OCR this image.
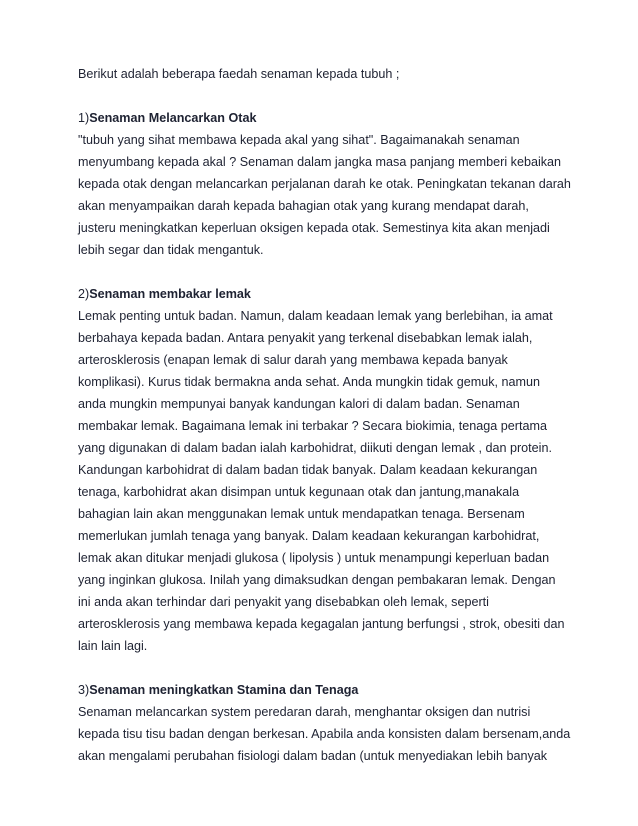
Berikut adalah beberapa faedah senaman kepada tubuh ;

1)Senaman Melancarkan Otak
"tubuh yang sihat membawa kepada akal yang sihat". Bagaimanakah senaman
menyumbang kepada akal ? Senaman dalam jangka masa panjang memberi kebaikan
kepada otak dengan melancarkan perjalanan darah ke otak. Peningkatan tekanan darah
akan menyampaikan darah kepada bahagian otak yang kurang mendapat darah,
justeru meningkatkan keperluan oksigen kepada otak. Semestinya kita akan menjadi
lebih segar dan tidak mengantuk.
2)Senaman membakar lemak
Lemak penting untuk badan. Namun, dalam keadaan lemak yang berlebihan, ia amat
berbahaya kepada badan. Antara penyakit yang terkenal disebabkan lemak ialah,
arterosklerosis (enapan lemak di salur darah yang membawa kepada banyak
komplikasi). Kurus tidak bermakna anda sehat. Anda mungkin tidak gemuk, namun
anda mungkin mempunyai banyak kandungan kalori di dalam badan. Senaman
membakar lemak. Bagaimana lemak ini terbakar ? Secara biokimia, tenaga pertama
yang digunakan di dalam badan ialah karbohidrat, diikuti dengan lemak , dan protein.
Kandungan karbohidrat di dalam badan tidak banyak. Dalam keadaan kekurangan
tenaga, karbohidrat akan disimpan untuk kegunaan otak dan jantung,manakala
bahagian lain akan menggunakan lemak untuk mendapatkan tenaga. Bersenam
memerlukan jumlah tenaga yang banyak. Dalam keadaan kekurangan karbohidrat,
lemak akan ditukar menjadi glukosa ( lipolysis ) untuk menampungi keperluan badan
yang inginkan glukosa. Inilah yang dimaksudkan dengan pembakaran lemak. Dengan
ini anda akan terhindar dari penyakit yang disebabkan oleh lemak, seperti
arterosklerosis yang membawa kepada kegagalan jantung berfungsi , strok, obesiti dan
lain lain lagi.
3)Senaman meningkatkan Stamina dan Tenaga
Senaman melancarkan system peredaran darah, menghantar oksigen dan nutrisi
kepada tisu tisu badan dengan berkesan. Apabila anda konsisten dalam bersenam,anda
akan mengalami perubahan fisiologi dalam badan (untuk menyediakan lebih banyak
